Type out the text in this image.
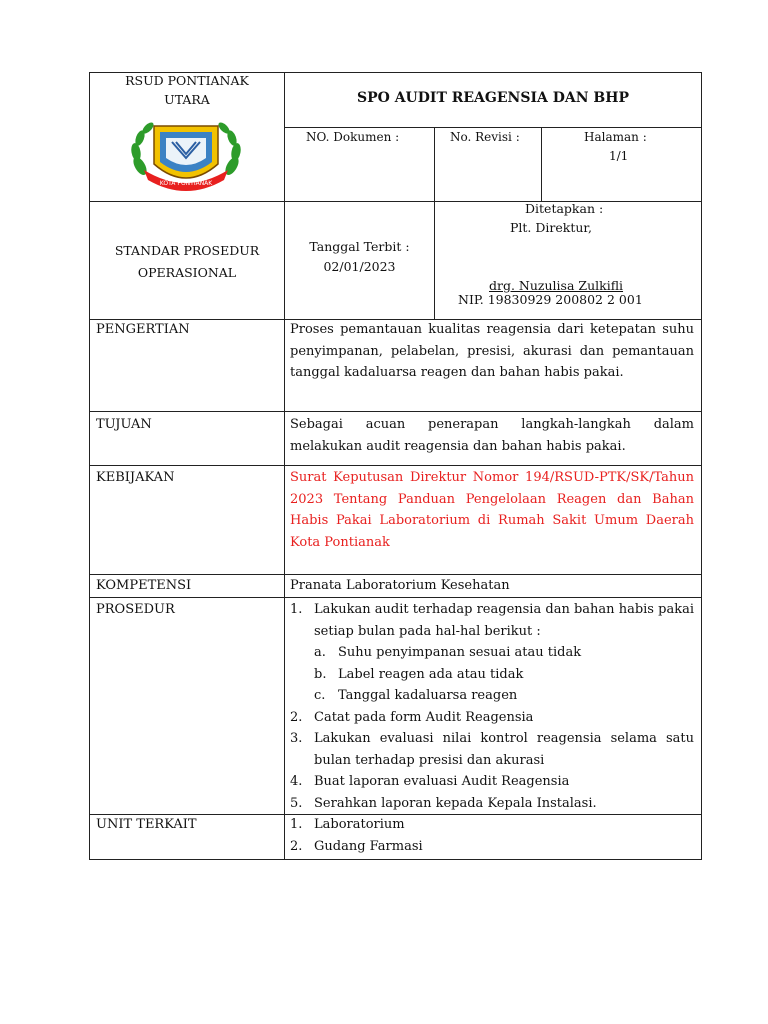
RSUD PONTIANAK UTARA
KOTA PONTIANAK
SPO AUDIT REAGENSIA DAN BHP
NO. Dokumen :	No. Revisi :	Halaman :
1/1
STANDAR PROSEDUR
OPERASIONAL
Tanggal Terbit :
02/01/2023
Ditetapkan :
Plt. Direktur,
drg. Nuzulisa Zulkifli
NIP. 19830929 200802 2 001
PENGERTIAN
TUJUAN
KEBIJAKAN
KOMPETENSI
PROSEDUR
UNIT TERKAIT
Proses pemantauan kualitas reagensia dari ketepatan suhu penyimpanan, pelabelan, presisi, akurasi dan pemantauan tanggal kadaluarsa reagen dan bahan habis pakai.
Sebagai acuan penerapan langkah-langkah dalam melakukan audit reagensia dan bahan habis pakai.
Surat Keputusan Direktur Nomor 194/RSUD-PTK/SK/Tahun 2023 Tentang Panduan Pengelolaan Reagen dan Bahan Habis Pakai Laboratorium di Rumah Sakit Umum Daerah Kota Pontianak
Pranata Laboratorium Kesehatan
1. Lakukan audit terhadap reagensia dan bahan habis pakai setiap bulan pada hal-hal berikut :
a. Suhu penyimpanan sesuai atau tidak
b. Label reagen ada atau tidak
c. Tanggal kadaluarsa reagen
2. Catat pada form Audit Reagensia
3. Lakukan evaluasi nilai kontrol reagensia selama satu bulan terhadap presisi dan akurasi
4. Buat laporan evaluasi Audit Reagensia
5. Serahkan laporan kepada Kepala Instalasi.
1. Laboratorium
2. Gudang Farmasi
